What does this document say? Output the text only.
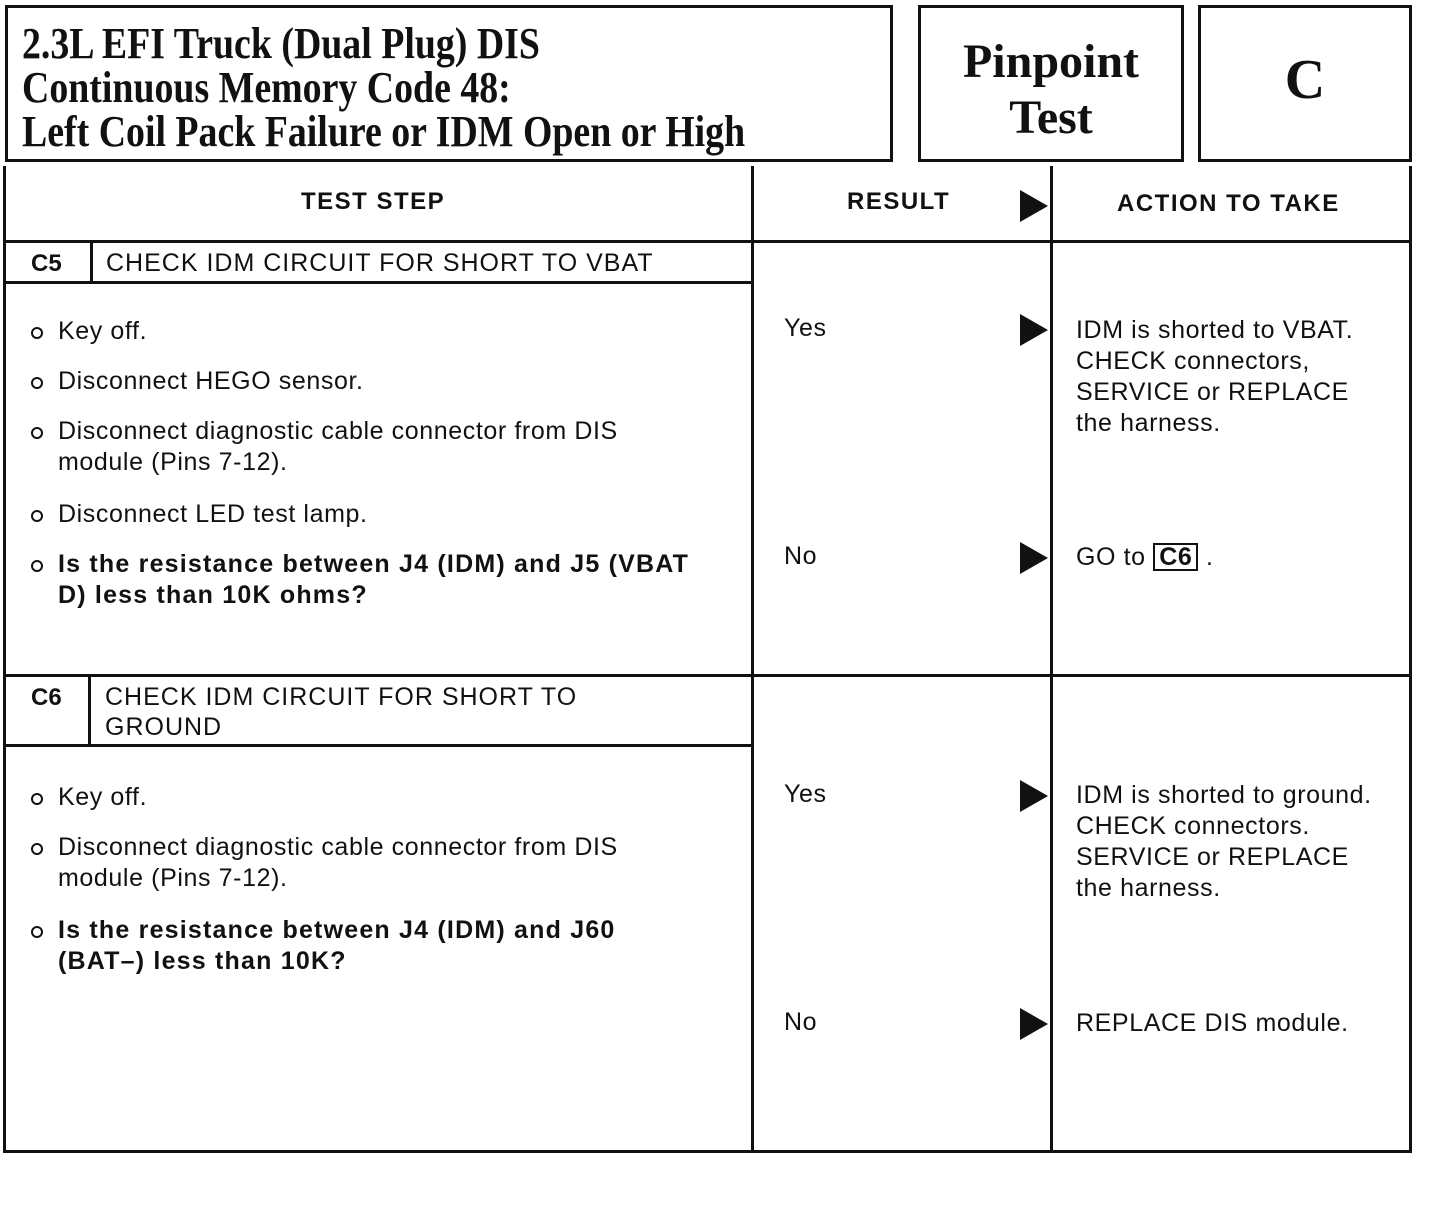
2.3L EFI Truck (Dual Plug) DIS
Continuous Memory Code 48:
Left Coil Pack Failure or IDM Open or High
Pinpoint
Test
C
TEST STEP	RESULT	ACTION TO TAKE
C5 CHECK IDM CIRCUIT FOR SHORT TO VBAT
Key off.
Disconnect HEGO sensor.
Disconnect diagnostic cable connector from DIS module (Pins 7-12).
Disconnect LED test lamp.
Is the resistance between J4 (IDM) and J5 (VBAT D) less than 10K ohms?
Yes	IDM is shorted to VBAT. CHECK connectors, SERVICE or REPLACE the harness.
No	GO to C6 .
C6 CHECK IDM CIRCUIT FOR SHORT TO
GROUND
Key off.
Disconnect diagnostic cable connector from DIS module (Pins 7-12).
Is the resistance between J4 (IDM) and J60 (BAT–) less than 10K?
Yes	IDM is shorted to ground. CHECK connectors. SERVICE or REPLACE the harness.
No	REPLACE DIS module.
